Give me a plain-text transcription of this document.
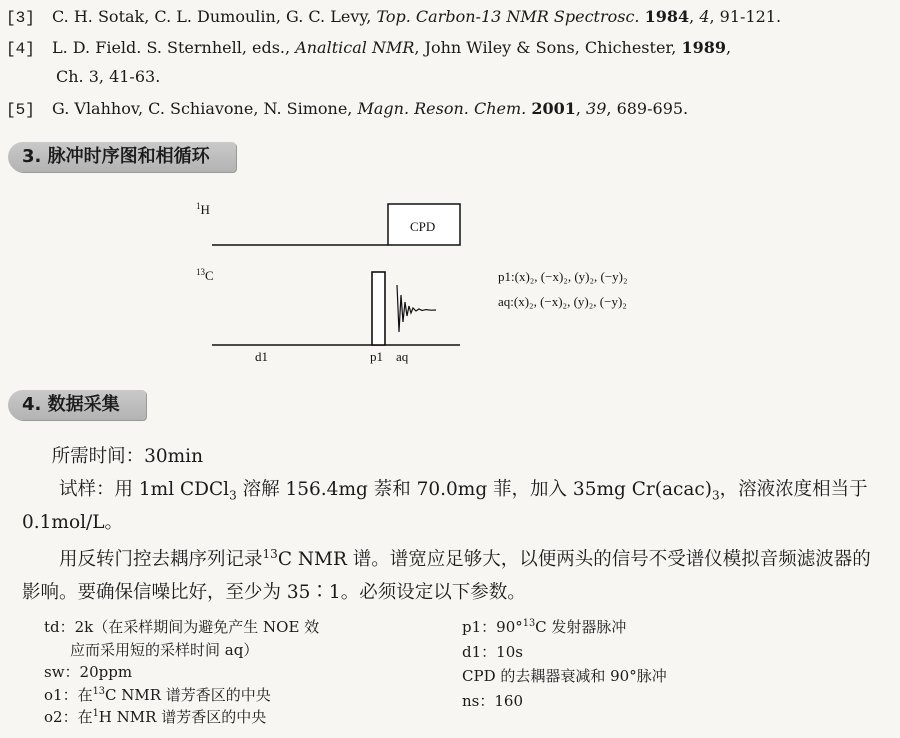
[3] C. H. Sotak, C. L. Dumoulin, G. C. Levy, Top. Carbon-13 NMR Spectrosc. 1984, 4, 91-121.
[4] L. D. Field. S. Sternhell, eds., Analtical NMR, John Wiley & Sons, Chichester, 1989,
Ch. 3, 41-63.
[5] G. Vlahhov, C. Schiavone, N. Simone, Magn. Reson. Chem. 2001, 39, 689-695.
3. 脉冲时序图和相循环
$^1$H
CPD
$^{13}$C
d1	p1 aq
p1:(x)₂, (−x)₂, (y)₂, (−y)₂
aq:(x)₂, (−x)₂, (y)₂, (−y)₂
4. 数据采集
所需时间：30min
试样：用 1ml CDCl$_3$ 溶解 156.4mg 萘和 70.0mg 菲，加入 35mg $Cr(acac)_3$，溶液浓度相当于 0.1mol/L。
用反转门控去耦序列记录$^{13}$C NMR 谱。谱宽应足够大，以便两头的信号不受谱仪模拟音频滤波器的影响。要确保信噪比好，至少为 35∶1。必须设定以下参数。
td：2k（在采样期间为避免产生 NOE 效
应而采用短的采样时间 aq）
sw：20ppm
o1：在$^{13}$C NMR 谱芳香区的中央
o2：在$^1$H NMR 谱芳香区的中央
p1：90°$^{13}$C 发射器脉冲
d1：10s
CPD 的去耦器衰减和 90°脉冲
ns：160
